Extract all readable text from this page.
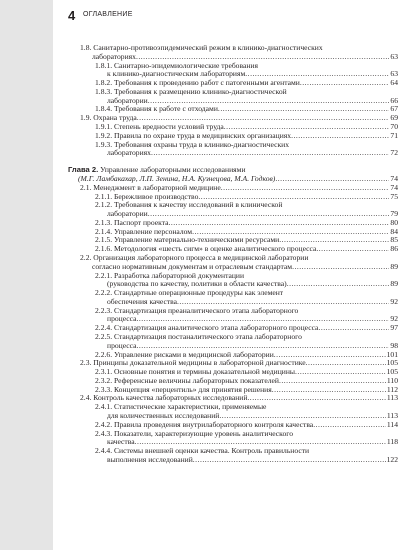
4 ОГЛАВЛЕНИЕ
1.8. Санитарно-противоэпидемический режим в клинико-диагностических
лабораториях .....	63
1.8.1. Санитарно-эпидемиологические требования
к клинико-диагностическим лабораториям .....	63
1.8.2. Требования к проведению работ с патогенными агентами .....	64
1.8.3. Требования к размещению клинико-диагностической
лаборатории .....	66
1.8.4. Требования к работе с отходами .....	67
1.9. Охрана труда .....	69
1.9.1. Степень вредности условий труда .....	70
1.9.2. Правила по охране труда в медицинских организациях .....	71
1.9.3. Требования охраны труда в клинико-диагностических
лабораториях .....	72
Глава 2. Управление лабораторными исследованиями
(М.Г. Ламбакахар, Л.П. Зенина, Н.А. Кузнецова, М.А. Годков) .....	74
2.1. Менеджмент в лабораторной медицине .....	74
2.1.1. Бережливое производство .....	75
2.1.2. Требования к качеству исследований в клинической
лаборатории .....	79
2.1.3. Паспорт проекта .....	80
2.1.4. Управление персоналом .....	84
2.1.5. Управление материально-техническими ресурсами .....	85
2.1.6. Методология «шесть сигм» в оценке аналитического процесса .....	86
2.2. Организация лабораторного процесса в медицинской лаборатории
согласно нормативным документам и отраслевым стандартам .....	89
2.2.1. Разработка лабораторной документации
(руководства по качеству, политики в области качества) .....	89
2.2.2. Стандартные операционные процедуры как элемент
обеспечения качества .....	92
2.2.3. Стандартизация преаналитического этапа лабораторного
процесса .....	92
2.2.4. Стандартизация аналитического этапа лабораторного процесса .....	97
2.2.5. Стандартизация постаналитического этапа лабораторного
процесса .....	98
2.2.6. Управление рисками в медицинской лаборатории .....	101
2.3. Принципы доказательной медицины в лабораторной диагностике .....	105
2.3.1. Основные понятия и термины доказательной медицины .....	105
2.3.2. Референсные величины лабораторных показателей .....	110
2.3.3. Концепция «перцентиль» для принятия решения .....	112
2.4. Контроль качества лабораторных исследований .....	113
2.4.1. Статистические характеристики, применяемые
для количественных исследований .....	113
2.4.2. Правила проведения внутрилабораторного контроля качества .....	114
2.4.3. Показатели, характеризующие уровень аналитического
качества .....	118
2.4.4. Системы внешней оценки качества. Контроль правильности
выполнения исследований .....	122
